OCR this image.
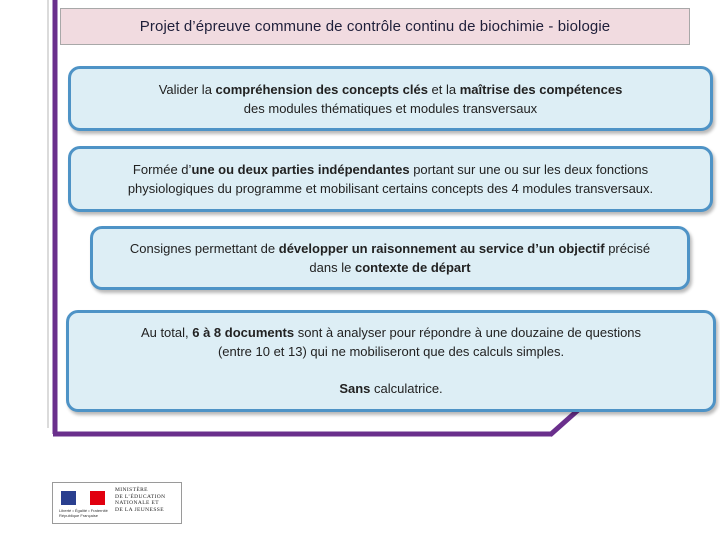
Projet d’épreuve commune de contrôle continu de biochimie - biologie
Valider la compréhension des concepts clés et la maîtrise des compétences
des modules thématiques et modules transversaux
Formée d’une ou deux parties indépendantes portant sur une ou sur les deux fonctions
physiologiques du programme et mobilisant certains concepts des 4 modules transversaux.
Consignes permettant de développer un raisonnement au service d’un objectif précisé
dans le contexte de départ
Au total, 6 à 8 documents sont à analyser pour répondre à une douzaine de questions
(entre 10 et 13) qui ne mobiliseront que des calculs simples.
Sans calculatrice.
Liberté • Égalité • Fraternité
République Française
MINISTÈRE
DE L’ÉDUCATION
NATIONALE ET
DE LA JEUNESSE
